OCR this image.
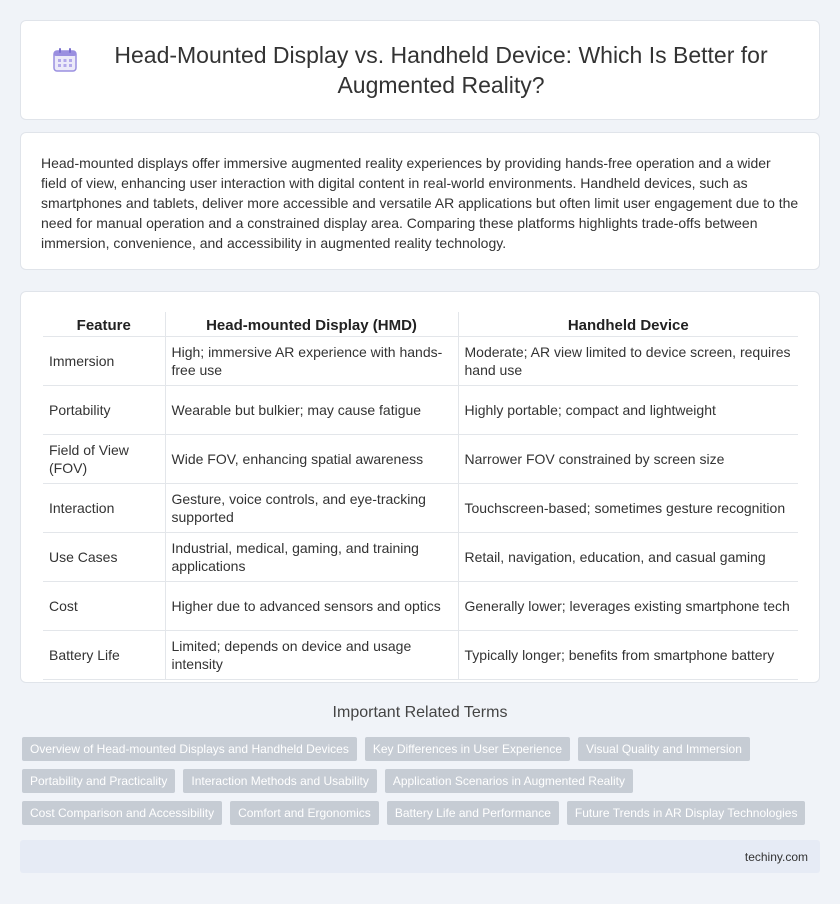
Head-Mounted Display vs. Handheld Device: Which Is Better for Augmented Reality?

Head-mounted displays offer immersive augmented reality experiences by providing hands-free operation and a wider field of view, enhancing user interaction with digital content in real-world environments. Handheld devices, such as smartphones and tablets, deliver more accessible and versatile AR applications but often limit user engagement due to the need for manual operation and a constrained display area. Comparing these platforms highlights trade-offs between immersion, convenience, and accessibility in augmented reality technology.

Feature	Head-mounted Display (HMD)	Handheld Device
Immersion	High; immersive AR experience with hands-free use	Moderate; AR view limited to device screen, requires hand use
Portability	Wearable but bulkier; may cause fatigue	Highly portable; compact and lightweight
Field of View (FOV)	Wide FOV, enhancing spatial awareness	Narrower FOV constrained by screen size
Interaction	Gesture, voice controls, and eye-tracking supported	Touchscreen-based; sometimes gesture recognition
Use Cases	Industrial, medical, gaming, and training applications	Retail, navigation, education, and casual gaming
Cost	Higher due to advanced sensors and optics	Generally lower; leverages existing smartphone tech
Battery Life	Limited; depends on device and usage intensity	Typically longer; benefits from smartphone battery
Important Related Terms
Overview of Head-mounted Displays and Handheld Devices	Key Differences in User Experience	Visual Quality and Immersion
Portability and Practicality	Interaction Methods and Usability	Application Scenarios in Augmented Reality
Cost Comparison and Accessibility	Comfort and Ergonomics	Battery Life and Performance	Future Trends in AR Display Technologies
techiny.com
